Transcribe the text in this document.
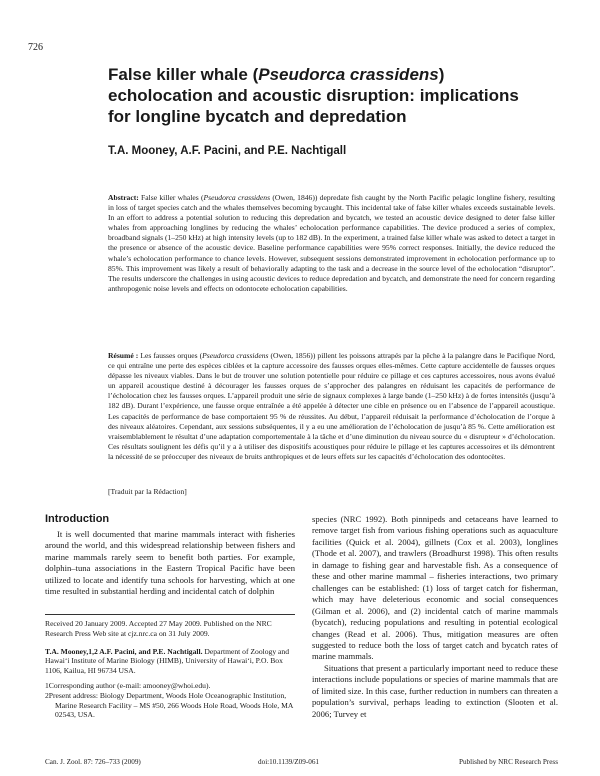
726
False killer whale (Pseudorca crassidens) echolocation and acoustic disruption: implications for longline bycatch and depredation
T.A. Mooney, A.F. Pacini, and P.E. Nachtigall

Abstract: False killer whales (Pseudorca crassidens (Owen, 1846)) depredate fish caught by the North Pacific pelagic longline fishery, resulting in loss of target species catch and the whales themselves becoming bycaught. This incidental take of false killer whales exceeds sustainable levels. In an effort to address a potential solution to reducing this depredation and bycatch, we tested an acoustic device designed to deter false killer whales from approaching longlines by reducing the whales’ echolocation performance capabilities. The device produced a series of complex, broadband signals (1–250 kHz) at high intensity levels (up to 182 dB). In the experiment, a trained false killer whale was asked to detect a target in the presence or absence of the acoustic device. Baseline performance capabilities were 95% correct responses. Initially, the device reduced the whale’s echolocation performance to chance levels. However, subsequent sessions demonstrated improvement in echolocation performance up to 85%. This improvement was likely a result of behaviorally adapting to the task and a decrease in the source level of the echolocation “disruptor”. The results underscore the challenges in using acoustic devices to reduce depredation and bycatch, and demonstrate the need for concern regarding anthropogenic noise levels and effects on odontocete echolocation capabilities.

Résumé : Les fausses orques (Pseudorca crassidens (Owen, 1856)) pillent les poissons attrapés par la pêche à la palangre dans le Pacifique Nord, ce qui entraîne une perte des espèces ciblées et la capture accessoire des fausses orques elles-mêmes. Cette capture accidentelle de fausses orques dépasse les niveaux viables. Dans le but de trouver une solution potentielle pour réduire ce pillage et ces captures accessoires, nous avons évalué un appareil acoustique destiné à décourager les fausses orques de s’approcher des palangres en réduisant les capacités de performance de l’écholocation chez les fausses orques. L’appareil produit une série de signaux complexes à large bande (1–250 kHz) à de fortes intensités (jusqu’à 182 dB). Durant l’expérience, une fausse orque entraînée a été appelée à détecter une cible en présence ou en l’absence de l’appareil acoustique. Les capacités de performance de base comportaient 95 % de réussites. Au début, l’appareil réduisait la performance d’écholocation de l’orque à des niveaux aléatoires. Cependant, aux sessions subséquentes, il y a eu une amélioration de l’écholocation de jusqu’à 85 %. Cette amélioration est vraisemblablement le résultat d’une adaptation comportementale à la tâche et d’une diminution du niveau source du « disrupteur » d’écholocation. Ces résultats soulignent les défis qu’il y a à utiliser des dispositifs acoustiques pour réduire le pillage et les captures accessoires et ils démontrent la nécessité de se préoccuper des niveaux de bruits anthropiques et de leurs effets sur les capacités d’écholocation des odontocètes.

[Traduit par la Rédaction]
Introduction

It is well documented that marine mammals interact with fisheries around the world, and this widespread relationship between fishers and marine mammals rarely seem to benefit both parties. For example, dolphin–tuna associations in the Eastern Tropical Pacific have been utilized to locate and identify tuna schools for harvesting, which at one time resulted in substantial herding and incidental catch of dolphin

species (NRC 1992). Both pinnipeds and cetaceans have learned to remove target fish from various fishing operations such as aquaculture facilities (Quick et al. 2004), gillnets (Cox et al. 2003), longlines (Thode et al. 2007), and trawlers (Broadhurst 1998). This often results in damage to fishing gear and harvestable fish. As a consequence of these and other marine mammal – fisheries interactions, two primary challenges can be established: (1) loss of target catch for fisherman, which may have deleterious economic and social consequences (Gilman et al. 2006), and (2) incidental catch of marine mammals (bycatch), reducing populations and resulting in potential ecological changes (Read et al. 2006). Thus, mitigation measures are often suggested to reduce both the loss of target catch and bycatch rates of marine mammals.

Situations that present a particularly important need to reduce these interactions include populations or species of marine mammals that are of limited size. In this case, further reduction in numbers can threaten a population’s survival, perhaps leading to extinction (Slooten et al. 2006; Turvey et

Received 20 January 2009. Accepted 27 May 2009. Published on the NRC Research Press Web site at cjz.nrc.ca on 31 July 2009.

T.A. Mooney,1,2 A.F. Pacini, and P.E. Nachtigall. Department of Zoology and Hawai‘i Institute of Marine Biology (HIMB), University of Hawai‘i, P.O. Box 1106, Kailua, HI 96734 USA.

1Corresponding author (e-mail: amooney@whoi.edu).

2Present address: Biology Department, Woods Hole Oceanographic Institution, Marine Research Facility – MS #50, 266 Woods Hole Road, Woods Hole, MA 02543, USA.

Can. J. Zool. 87: 726–733 (2009)	doi:10.1139/Z09-061	Published by NRC Research Press
